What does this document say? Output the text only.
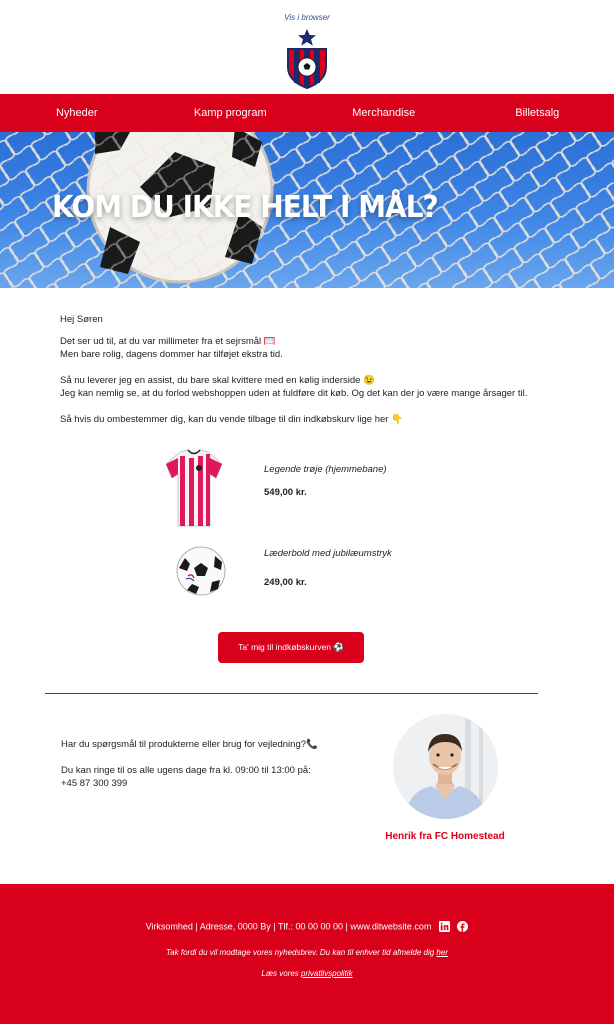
Vis i browser
Nyheder	Kamp program	Merchandise	Billetsalg
KOM DU IKKE HELT I MÅL?

Hej Søren

Det ser ud til, at du var millimeter fra et sejrsmål 🥅

Men bare rolig, dagens dommer har tilføjet ekstra tid.

Så nu leverer jeg en assist, du bare skal kvittere med en kølig inderside 😉

Jeg kan nemlig se, at du forlod webshoppen uden at fuldføre dit køb. Og det kan der jo være mange årsager til.

Så hvis du ombestemmer dig, kan du vende tilbage til din indkøbskurv lige her 👇

Legende trøje (hjemmebane)
549,00 kr.
Læderbold med jubilæumstryk
249,00 kr.
Ta' mig til indkøbskurven ⚽

Har du spørgsmål til produkterne eller brug for vejledning?📞

Du kan ringe til os alle ugens dage fra kl. 09:00 til 13:00 på:

+45 87 300 399

Henrik fra FC Homestead
Virksomhed | Adresse, 0000 By | Tlf.: 00 00 00 00 | www.ditwebsite.com
Tak fordi du vil modtage vores nyhedsbrev. Du kan til enhver tid afmelde dig her
Læs vores privatlivspolitik
